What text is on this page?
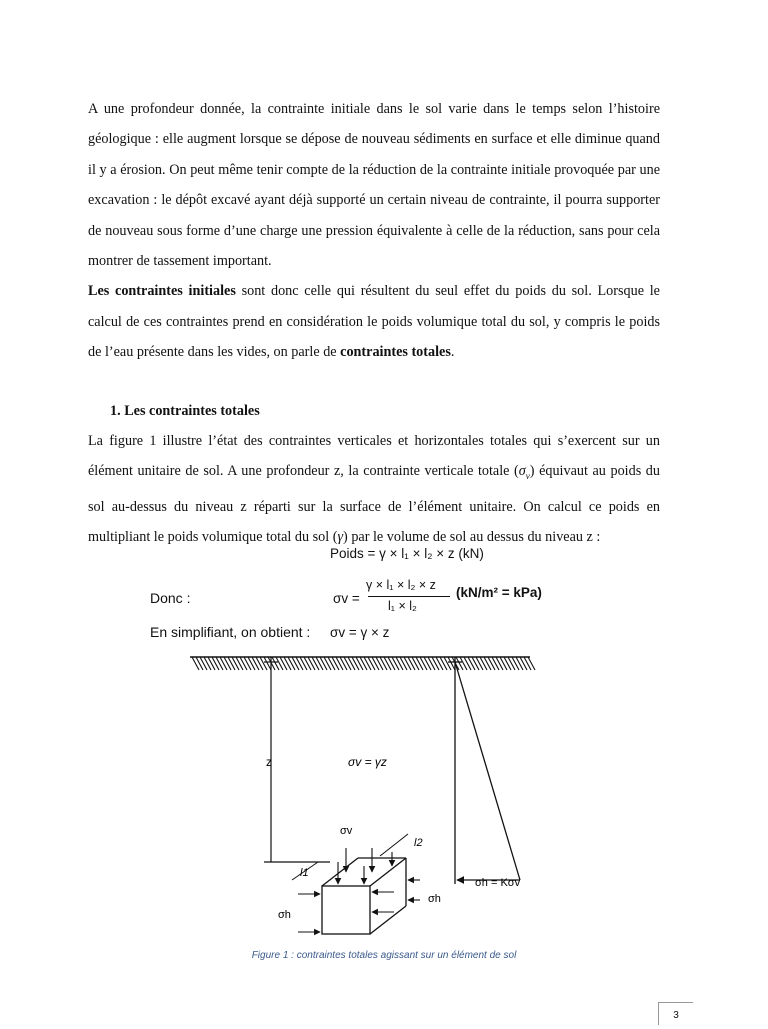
A une profondeur donnée, la contrainte initiale dans le sol varie dans le temps selon l’histoire géologique : elle augment lorsque se dépose de nouveau sédiments en surface et elle diminue quand il y a érosion. On peut même tenir compte de la réduction de la contrainte initiale provoquée par une excavation : le dépôt excavé ayant déjà supporté un certain niveau de contrainte, il pourra supporter de nouveau sous forme d’une charge une pression équivalente à celle de la réduction, sans pour cela montrer de tassement important.

Les contraintes initiales sont donc celle qui résultent du seul effet du poids du sol. Lorsque le calcul de ces contraintes prend en considération le poids volumique total du sol, y compris le poids de l’eau présente dans les vides, on parle de contraintes totales.

1. Les contraintes totales

La figure 1 illustre l’état des contraintes verticales et horizontales totales qui s’exercent sur un élément unitaire de sol. A une profondeur z, la contrainte verticale totale $(\sigma_v)$ équivaut au poids du sol au-dessus du niveau z réparti sur la surface de l’élément unitaire. On calcul ce poids en multipliant le poids volumique total du sol (γ) par le volume de sol au dessus du niveau z :

Poids = γ × l₁ × l₂ × z (kN)
Donc :	σv =
γ × l₁ × l₂ × z
l₁ × l₂
(kN/m² = kPa)
En simplifiant, on obtient : σv = γ × z
z	σv = γz
σv
l2
l1
σh
σh
σh = Kσv
Figure 1 : contraintes totales agissant sur un élément de sol
3
